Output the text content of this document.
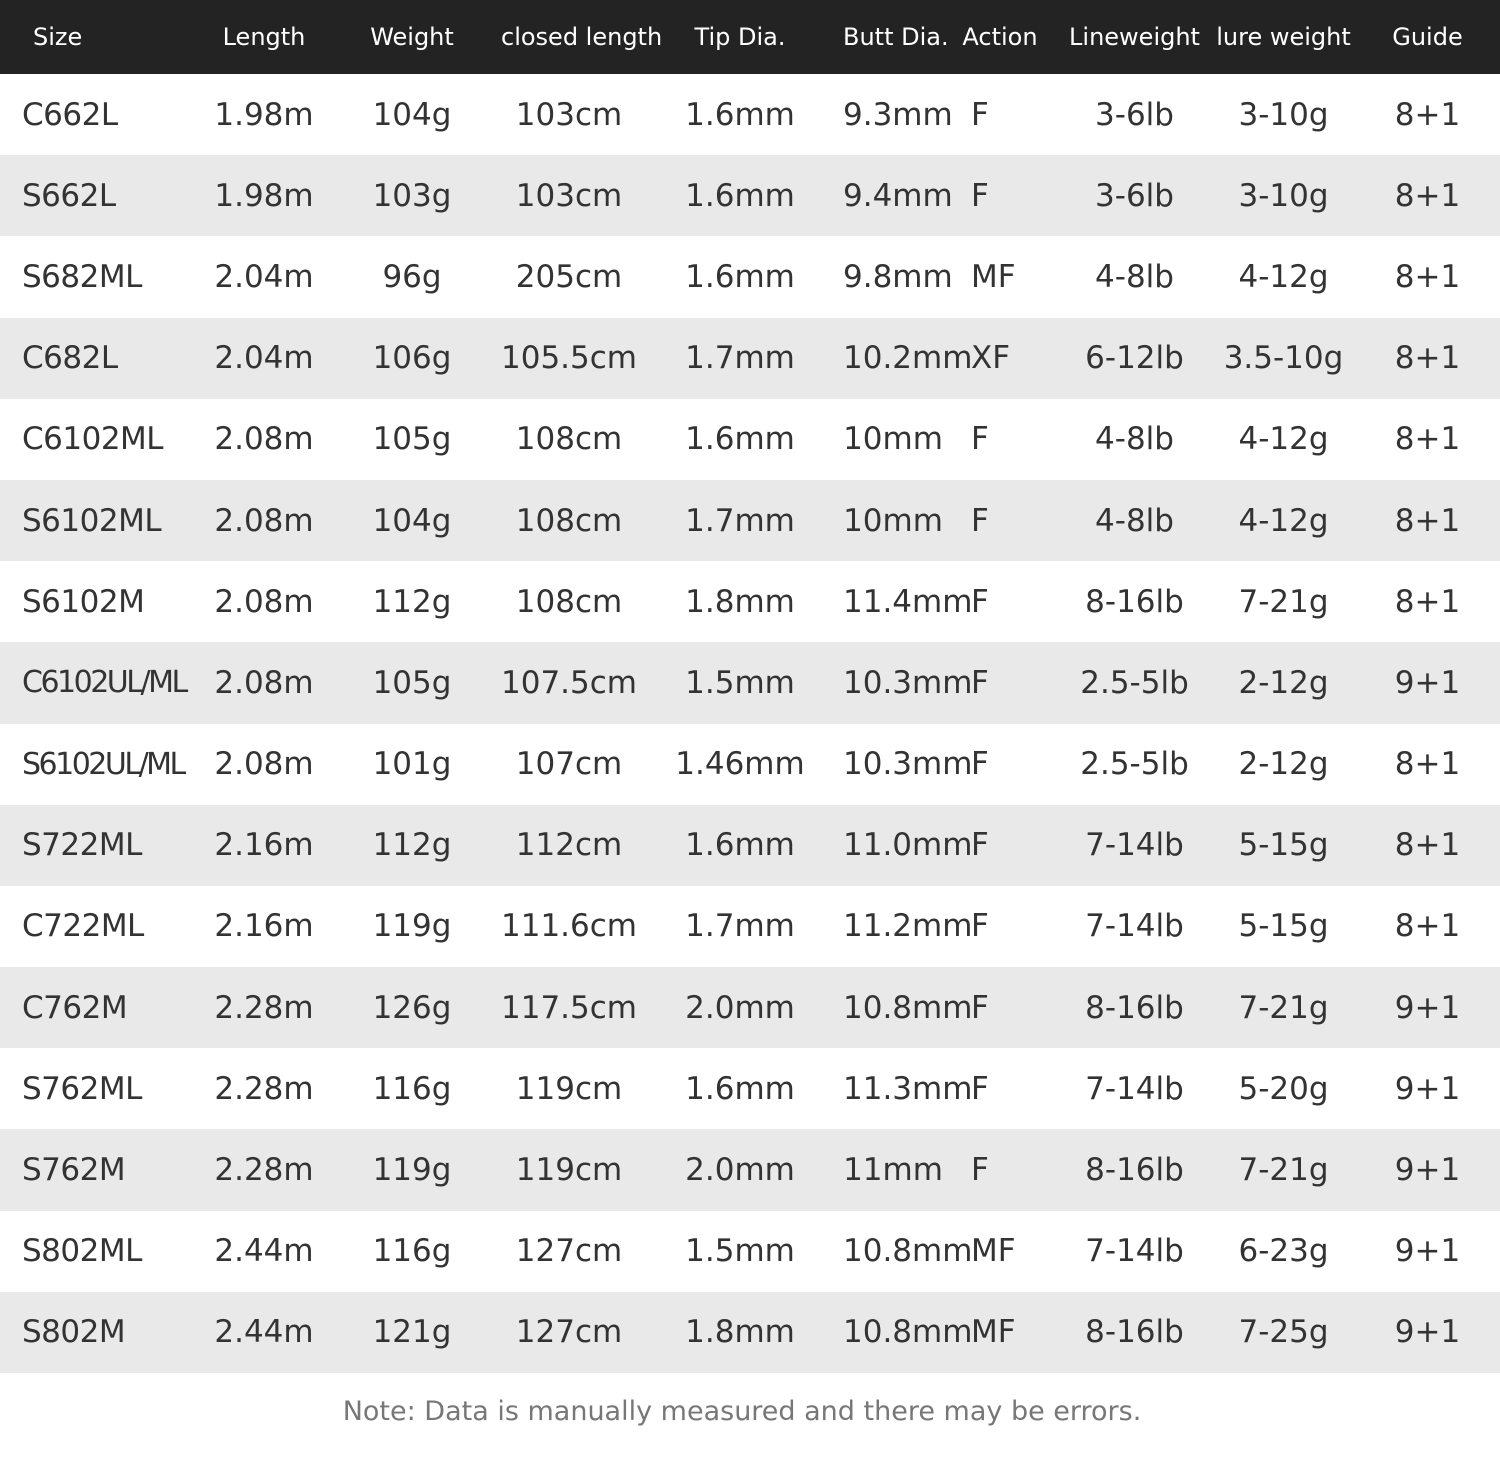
Size	Length	Weight	closed length	Tip Dia.	Butt Dia.	Action	Lineweight	lure weight	Guide
C662L	1.98m	104g	103cm	1.6mm	9.3mm	F	3-6lb	3-10g	8+1
S662L	1.98m	103g	103cm	1.6mm	9.4mm	F	3-6lb	3-10g	8+1
S682ML	2.04m	96g	205cm	1.6mm	9.8mm	MF	4-8lb	4-12g	8+1
C682L	2.04m	106g	105.5cm	1.7mm	10.2mm	XF	6-12lb	3.5-10g	8+1
C6102ML	2.08m	105g	108cm	1.6mm	10mm	F	4-8lb	4-12g	8+1
S6102ML	2.08m	104g	108cm	1.7mm	10mm	F	4-8lb	4-12g	8+1
S6102M	2.08m	112g	108cm	1.8mm	11.4mm	F	8-16lb	7-21g	8+1
C6102UL/ML	2.08m	105g	107.5cm	1.5mm	10.3mm	F	2.5-5lb	2-12g	9+1
S6102UL/ML	2.08m	101g	107cm	1.46mm	10.3mm	F	2.5-5lb	2-12g	8+1
S722ML	2.16m	112g	112cm	1.6mm	11.0mm	F	7-14lb	5-15g	8+1
C722ML	2.16m	119g	111.6cm	1.7mm	11.2mm	F	7-14lb	5-15g	8+1
C762M	2.28m	126g	117.5cm	2.0mm	10.8mm	F	8-16lb	7-21g	9+1
S762ML	2.28m	116g	119cm	1.6mm	11.3mm	F	7-14lb	5-20g	9+1
S762M	2.28m	119g	119cm	2.0mm	11mm	F	8-16lb	7-21g	9+1
S802ML	2.44m	116g	127cm	1.5mm	10.8mm	MF	7-14lb	6-23g	9+1
S802M	2.44m	121g	127cm	1.8mm	10.8mm	MF	8-16lb	7-25g	9+1
Note: Data is manually measured and there may be errors.
